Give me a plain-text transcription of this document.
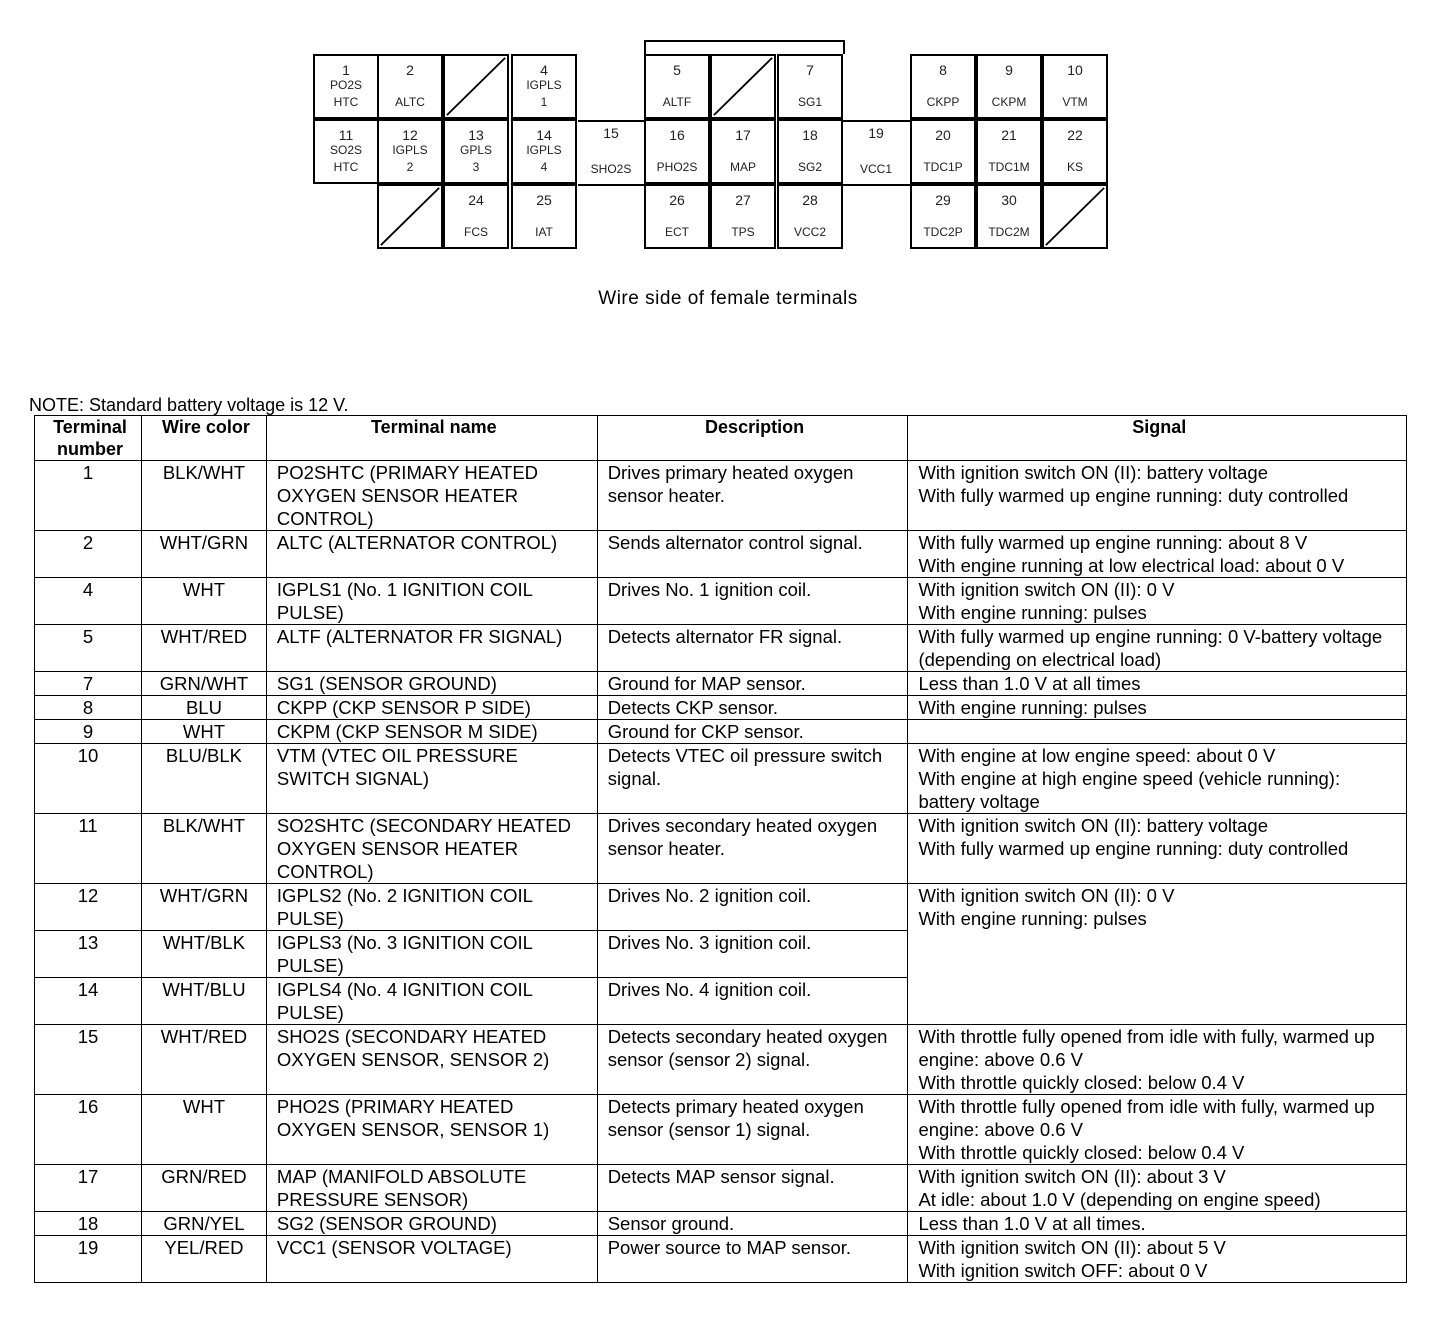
1
PO2S
HTC
2
ALTC
4
IGPLS
1
5
ALTF
7
SG1
8
CKPP
9
CKPM
10
VTM
11
SO2S
HTC
12
IGPLS
2
13
GPLS
3
14
IGPLS
4
15
SHO2S
16
PHO2S
17
MAP
18
SG2
19
VCC1
20
TDC1P
21
TDC1M
22
KS
24
FCS
25
IAT
26
ECT
27
TPS
28
VCC2
29
TDC2P
30
TDC2M
Wire side of female terminals
NOTE: Standard battery voltage is 12 V.
Terminal number	Wire color	Terminal name	Description	Signal
1	BLK/WHT	PO2SHTC (PRIMARY HEATED OXYGEN SENSOR HEATER CONTROL)	Drives primary heated oxygen sensor heater.	With ignition switch ON (II): battery voltage
With fully warmed up engine running: duty controlled
2	WHT/GRN	ALTC (ALTERNATOR CONTROL)	Sends alternator control signal.	With fully warmed up engine running: about 8 V
With engine running at low electrical load: about 0 V
4	WHT	IGPLS1 (No. 1 IGNITION COIL PULSE)	Drives No. 1 ignition coil.	With ignition switch ON (II): 0 V
With engine running: pulses
5	WHT/RED	ALTF (ALTERNATOR FR SIGNAL)	Detects alternator FR signal.	With fully warmed up engine running: 0 V-battery voltage (depending on electrical load)
7	GRN/WHT	SG1 (SENSOR GROUND)	Ground for MAP sensor.	Less than 1.0 V at all times
8	BLU	CKPP (CKP SENSOR P SIDE)	Detects CKP sensor.	With engine running: pulses
9	WHT	CKPM (CKP SENSOR M SIDE)	Ground for CKP sensor.	
10	BLU/BLK	VTM (VTEC OIL PRESSURE SWITCH SIGNAL)	Detects VTEC oil pressure switch signal.	With engine at low engine speed: about 0 V
With engine at high engine speed (vehicle running): battery voltage
11	BLK/WHT	SO2SHTC (SECONDARY HEATED OXYGEN SENSOR HEATER CONTROL)	Drives secondary heated oxygen sensor heater.	With ignition switch ON (II): battery voltage
With fully warmed up engine running: duty controlled
12	WHT/GRN	IGPLS2 (No. 2 IGNITION COIL PULSE)	Drives No. 2 ignition coil.	With ignition switch ON (II): 0 V
With engine running: pulses
13	WHT/BLK	IGPLS3 (No. 3 IGNITION COIL PULSE)	Drives No. 3 ignition coil.	
14	WHT/BLU	IGPLS4 (No. 4 IGNITION COIL PULSE)	Drives No. 4 ignition coil.	
15	WHT/RED	SHO2S (SECONDARY HEATED OXYGEN SENSOR, SENSOR 2)	Detects secondary heated oxygen sensor (sensor 2) signal.	With throttle fully opened from idle with fully, warmed up engine: above 0.6 V
With throttle quickly closed: below 0.4 V
16	WHT	PHO2S (PRIMARY HEATED OXYGEN SENSOR, SENSOR 1)	Detects primary heated oxygen sensor (sensor 1) signal.	With throttle fully opened from idle with fully, warmed up engine: above 0.6 V
With throttle quickly closed: below 0.4 V
17	GRN/RED	MAP (MANIFOLD ABSOLUTE PRESSURE SENSOR)	Detects MAP sensor signal.	With ignition switch ON (II): about 3 V
At idle: about 1.0 V (depending on engine speed)
18	GRN/YEL	SG2 (SENSOR GROUND)	Sensor ground.	Less than 1.0 V at all times.
19	YEL/RED	VCC1 (SENSOR VOLTAGE)	Power source to MAP sensor.	With ignition switch ON (II): about 5 V
With ignition switch OFF: about 0 V
